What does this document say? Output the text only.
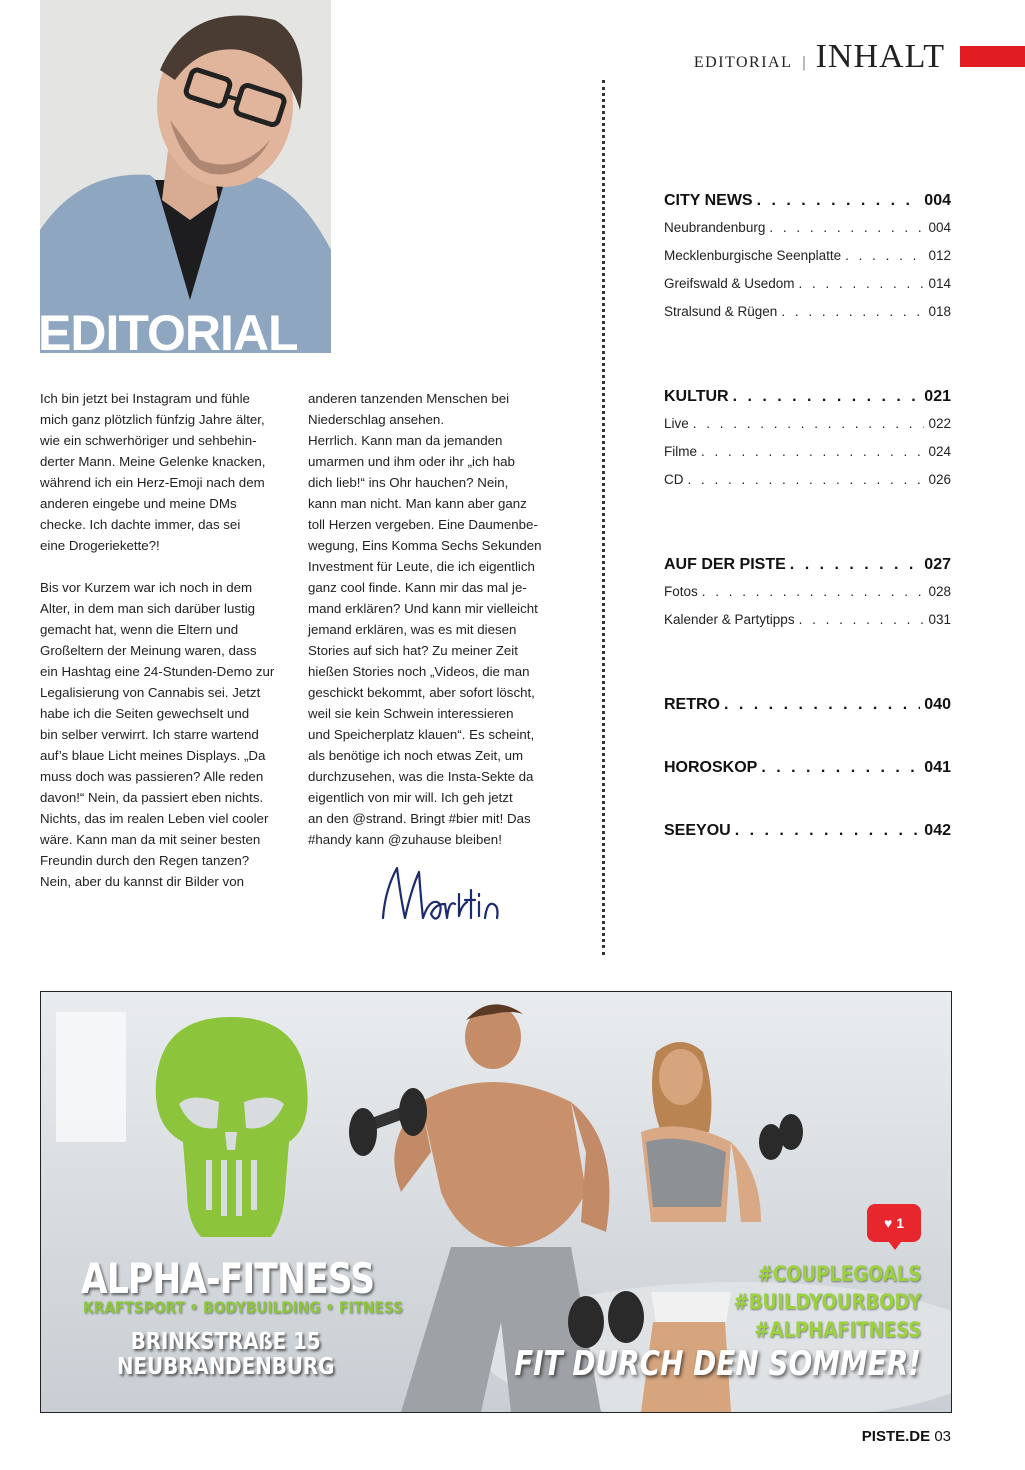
EDITORIAL | INHALT
EDITORIAL

Ich bin jetzt bei Instagram und fühle
mich ganz plötzlich fünfzig Jahre älter,
wie ein schwerhöriger und sehbehin-
derter Mann. Meine Gelenke knacken,
während ich ein Herz-Emoji nach dem
anderen eingebe und meine DMs
checke. Ich dachte immer, das sei
eine Drogeriekette?!

Bis vor Kurzem war ich noch in dem
Alter, in dem man sich darüber lustig
gemacht hat, wenn die Eltern und
Großeltern der Meinung waren, dass
ein Hashtag eine 24-Stunden-Demo zur
Legalisierung von Cannabis sei. Jetzt
habe ich die Seiten gewechselt und
bin selber verwirrt. Ich starre wartend
auf’s blaue Licht meines Displays. „Da
muss doch was passieren? Alle reden
davon!“ Nein, da passiert eben nichts.
Nichts, das im realen Leben viel cooler
wäre. Kann man da mit seiner besten
Freundin durch den Regen tanzen?
Nein, aber du kannst dir Bilder von

anderen tanzenden Menschen bei
Niederschlag ansehen.
Herrlich. Kann man da jemanden
umarmen und ihm oder ihr „ich hab
dich lieb!“ ins Ohr hauchen? Nein,
kann man nicht. Man kann aber ganz
toll Herzen vergeben. Eine Daumenbe-
wegung, Eins Komma Sechs Sekunden
Investment für Leute, die ich eigentlich
ganz cool finde. Kann mir das mal je-
mand erklären? Und kann mir vielleicht
jemand erklären, was es mit diesen
Stories auf sich hat? Zu meiner Zeit
hießen Stories noch „Videos, die man
geschickt bekommt, aber sofort löscht,
weil sie kein Schwein interessieren
und Speicherplatz klauen“. Es scheint,
als benötige ich noch etwas Zeit, um
durchzusehen, was die Insta-Sekte da
eigentlich von mir will. Ich geh jetzt
an den @strand. Bringt #bier mit! Das
#handy kann @zuhause bleiben!

CITY NEWS . . .	004
Neubrandenburg . . .	004
Mecklenburgische Seenplatte . . .	012
Greifswald & Usedom . . .	014
Stralsund & Rügen . . .	018
KULTUR . . .	021
Live . . .	022
Filme . . .	024
CD . . .	026
AUF DER PISTE . . .	027
Fotos . . .	028
Kalender & Partytipps . . .	031
RETRO . . .	040
HOROSKOP . . .	041
SEEYOU . . .	042
♥ 1
ALPHA-FITNESS
KRAFTSPORT • BODYBUILDING • FITNESS
BRINKSTRAßE 15
NEUBRANDENBURG
#COUPLEGOALS
#BUILDYOURBODY
#ALPHAFITNESS
FIT DURCH DEN SOMMER!
PISTE.DE 03
